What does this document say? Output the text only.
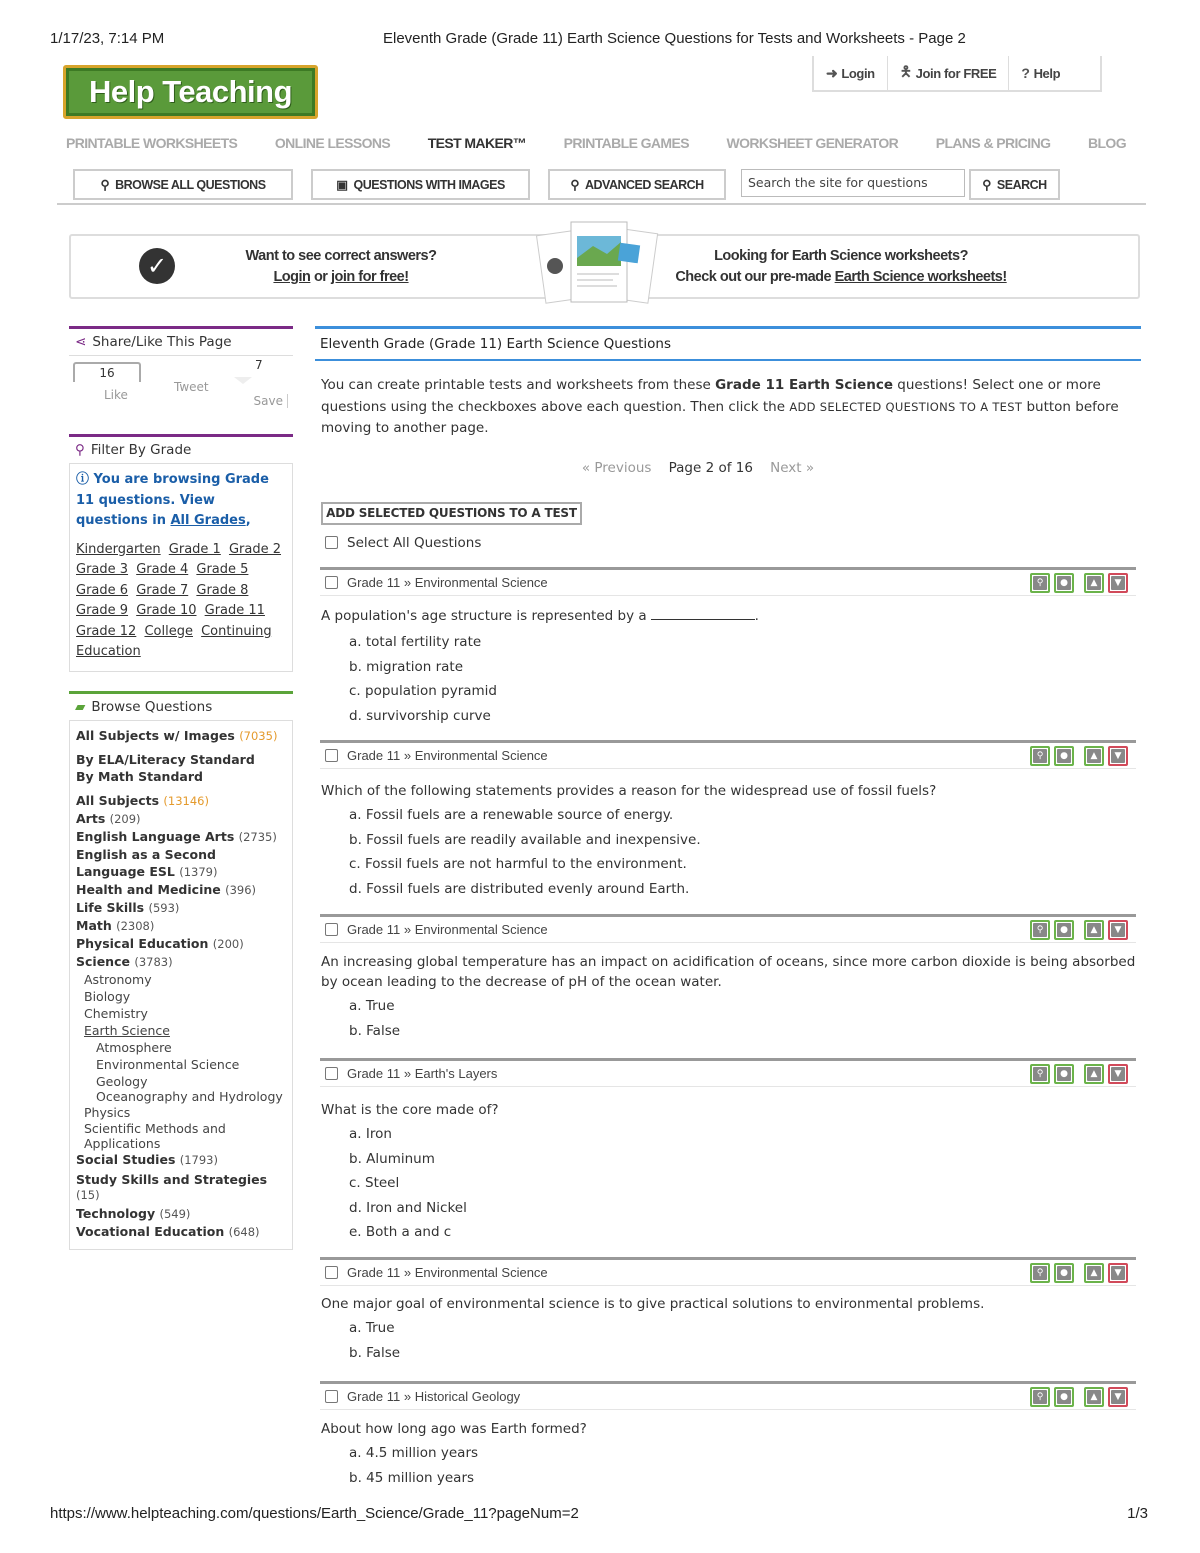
1/17/23, 7:14 PM	Eleventh Grade (Grade 11) Earth Science Questions for Tests and Worksheets - Page 2
Help Teaching
➜ Login 🯅 Join for FREE ? Help
PRINTABLE WORKSHEETS	ONLINE LESSONS	TEST MAKER™	PRINTABLE GAMES	WORKSHEET GENERATOR	PLANS & PRICING	BLOG
⚲ BROWSE ALL QUESTIONS	▣ QUESTIONS WITH IMAGES	⚲ ADVANCED SEARCH	Search the site for questions	⚲ SEARCH
✓	Want to see correct answers?
Login or join for free!
Looking for Earth Science worksheets?
Check out our pre-made Earth Science worksheets!
⋖ Share/Like This Page
16
Like
Tweet
7
Save
⚲ Filter By Grade
ⓘ You are browsing Grade 11 questions. View questions in All Grades,
Kindergarten Grade 1 Grade 2 Grade 3 Grade 4 Grade 5 Grade 6 Grade 7 Grade 8 Grade 9 Grade 10 Grade 11 Grade 12 College Continuing Education
▰ Browse Questions
All Subjects w/ Images (7035)
By ELA/Literacy Standard
By Math Standard
All Subjects (13146)
Arts (209)
English Language Arts (2735)
English as a Second Language ESL (1379)
Health and Medicine (396)
Life Skills (593)
Math (2308)
Physical Education (200)
Science (3783)
Astronomy
Biology
Chemistry
Earth Science
Atmosphere
Environmental Science
Geology
Oceanography and Hydrology
Physics
Scientific Methods and Applications
Social Studies (1793)
Study Skills and Strategies (15)
Technology (549)
Vocational Education (648)
Eleventh Grade (Grade 11) Earth Science Questions
You can create printable tests and worksheets from these Grade 11 Earth Science questions! Select one or more questions using the checkboxes above each question. Then click the ADD SELECTED QUESTIONS TO A TEST button before moving to another page.
« Previous Page 2 of 16 Next »
ADD SELECTED QUESTIONS TO A TEST
Select All Questions
Grade 11 » Environmental Science	⚲	●	▲	▼
A population's age structure is represented by a	.
a. total fertility rate
b. migration rate
c. population pyramid
d. survivorship curve
Grade 11 » Environmental Science	⚲	●	▲	▼
Which of the following statements provides a reason for the widespread use of fossil fuels?
a. Fossil fuels are a renewable source of energy.
b. Fossil fuels are readily available and inexpensive.
c. Fossil fuels are not harmful to the environment.
d. Fossil fuels are distributed evenly around Earth.
Grade 11 » Environmental Science	⚲	●	▲	▼
An increasing global temperature has an impact on acidification of oceans, since more carbon dioxide is being absorbed by ocean leading to the decrease of pH of the ocean water.
a. True
b. False
Grade 11 » Earth's Layers	⚲	●	▲	▼
What is the core made of?
a. Iron
b. Aluminum
c. Steel
d. Iron and Nickel
e. Both a and c
Grade 11 » Environmental Science	⚲	●	▲	▼
One major goal of environmental science is to give practical solutions to environmental problems.
a. True
b. False
Grade 11 » Historical Geology	⚲	●	▲	▼
About how long ago was Earth formed?
a. 4.5 million years
b. 45 million years
https://www.helpteaching.com/questions/Earth_Science/Grade_11?pageNum=2	1/3
